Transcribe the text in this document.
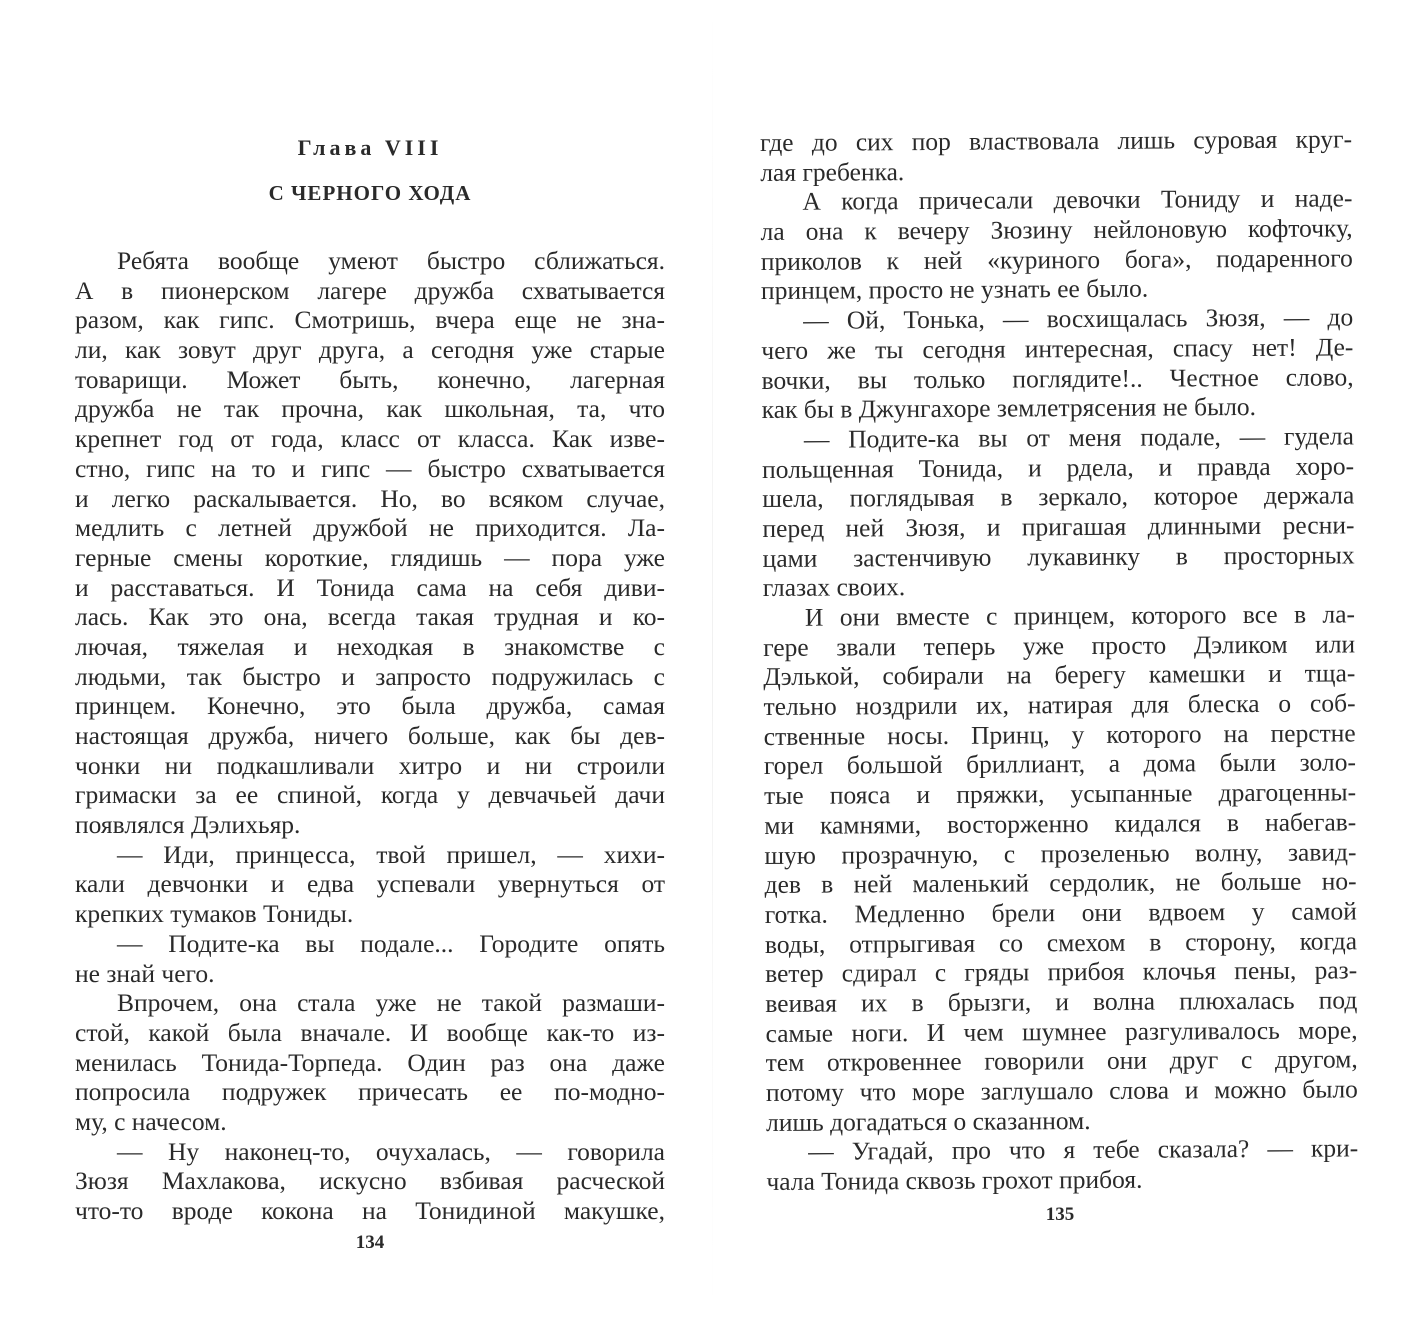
Глава VIII
С ЧЕРНОГО ХОДА
Ребята вообще умеют быстро сближаться.
А в пионерском лагере дружба схватывается
разом, как гипс. Смотришь, вчера еще не зна-
ли, как зовут друг друга, а сегодня уже старые
товарищи. Может быть, конечно, лагерная
дружба не так прочна, как школьная, та, что
крепнет год от года, класс от класса. Как изве-
стно, гипс на то и гипс — быстро схватывается
и легко раскалывается. Но, во всяком случае,
медлить с летней дружбой не приходится. Ла-
герные смены короткие, глядишь — пора уже
и расставаться. И Тонида сама на себя диви-
лась. Как это она, всегда такая трудная и ко-
лючая, тяжелая и неходкая в знакомстве с
людьми, так быстро и запросто подружилась с
принцем. Конечно, это была дружба, самая
настоящая дружба, ничего больше, как бы дев-
чонки ни подкашливали хитро и ни строили
гримаски за ее спиной, когда у девчачьей дачи
появлялся Дэлихьяр.
— Иди, принцесса, твой пришел, — хихи-
кали девчонки и едва успевали увернуться от
крепких тумаков Тониды.
— Подите-ка вы подале... Городите опять
не знай чего.
Впрочем, она стала уже не такой размаши-
стой, какой была вначале. И вообще как-то из-
менилась Тонида-Торпеда. Один раз она даже
попросила подружек причесать ее по-модно-
му, с начесом.
— Ну наконец-то, очухалась, — говорила
Зюзя Махлакова, искусно взбивая расческой
что-то вроде кокона на Тонидиной макушке,
134
где до сих пор властвовала лишь суровая круг-
лая гребенка.
А когда причесали девочки Тониду и наде-
ла она к вечеру Зюзину нейлоновую кофточку,
приколов к ней «куриного бога», подаренного
принцем, просто не узнать ее было.
— Ой, Тонька, — восхищалась Зюзя, — до
чего же ты сегодня интересная, спасу нет! Де-
вочки, вы только поглядите!.. Честное слово,
как бы в Джунгахоре землетрясения не было.
— Подите-ка вы от меня подале, — гудела
польщенная Тонида, и рдела, и правда хоро-
шела, поглядывая в зеркало, которое держала
перед ней Зюзя, и пригашая длинными ресни-
цами застенчивую лукавинку в просторных
глазах своих.
И они вместе с принцем, которого все в ла-
гере звали теперь уже просто Дэликом или
Дэлькой, собирали на берегу камешки и тща-
тельно ноздрили их, натирая для блеска о соб-
ственные носы. Принц, у которого на перстне
горел большой бриллиант, а дома были золо-
тые пояса и пряжки, усыпанные драгоценны-
ми камнями, восторженно кидался в набегав-
шую прозрачную, с прозеленью волну, завид-
дев в ней маленький сердолик, не больше но-
готка. Медленно брели они вдвоем у самой
воды, отпрыгивая со смехом в сторону, когда
ветер сдирал с гряды прибоя клочья пены, раз-
веивая их в брызги, и волна плюхалась под
самые ноги. И чем шумнее разгуливалось море,
тем откровеннее говорили они друг с другом,
потому что море заглушало слова и можно было
лишь догадаться о сказанном.
— Угадай, про что я тебе сказала? — кри-
чала Тонида сквозь грохот прибоя.
135
